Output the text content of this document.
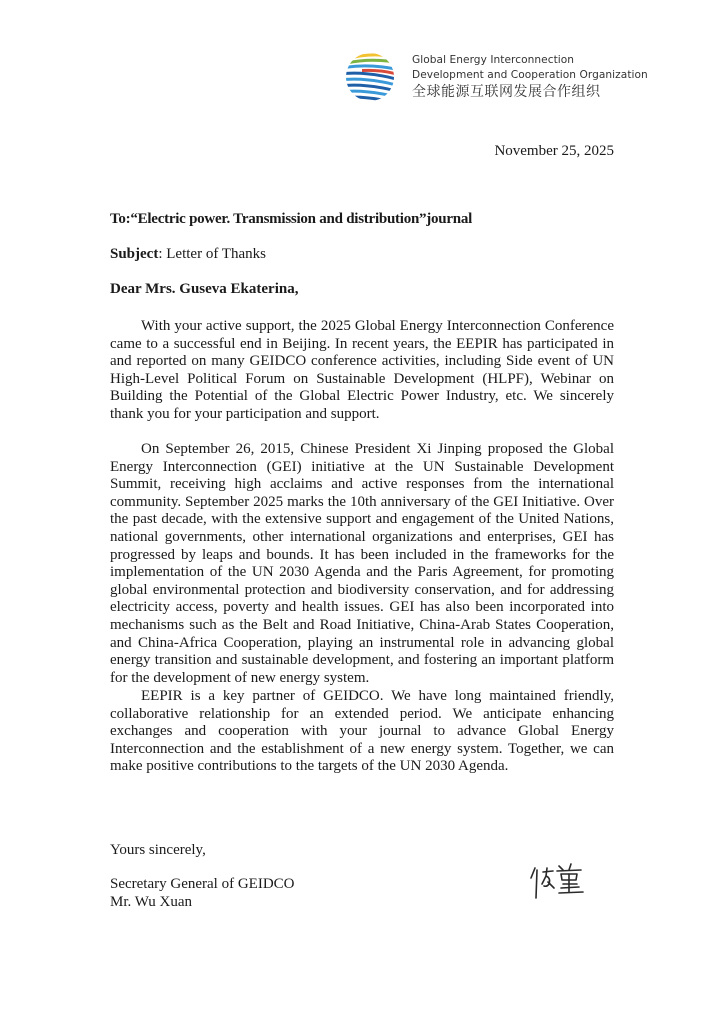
Global Energy Interconnection
Development and Cooperation Organization
全球能源互联网发展合作组织
November 25, 2025
To:“Electric power. Transmission and distribution”journal
Subject: Letter of Thanks
Dear Mrs. Guseva Ekaterina,

With your active support, the 2025 Global Energy Interconnection Conference came to a successful end in Beijing. In recent years, the EEPIR has participated in and reported on many GEIDCO conference activities, including Side event of UN High-Level Political Forum on Sustainable Development (HLPF), Webinar on Building the Potential of the Global Electric Power Industry, etc. We sincerely thank you for your participation and support.

On September 26, 2015, Chinese President Xi Jinping proposed the Global Energy Interconnection (GEI) initiative at the UN Sustainable Development Summit, receiving high acclaims and active responses from the international community. September 2025 marks the 10th anniversary of the GEI Initiative. Over the past decade, with the extensive support and engagement of the United Nations, national governments, other international organizations and enterprises, GEI has progressed by leaps and bounds. It has been included in the frameworks for the implementation of the UN 2030 Agenda and the Paris Agreement, for promoting global environmental protection and biodiversity conservation, and for addressing electricity access, poverty and health issues. GEI has also been incorporated into mechanisms such as the Belt and Road Initiative, China-Arab States Cooperation, and China-Africa Cooperation, playing an instrumental role in advancing global energy transition and sustainable development, and fostering an important platform for the development of new energy system.

EEPIR is a key partner of GEIDCO. We have long maintained friendly, collaborative relationship for an extended period. We anticipate enhancing exchanges and cooperation with your journal to advance Global Energy Interconnection and the establishment of a new energy system. Together, we can make positive contributions to the targets of the UN 2030 Agenda.

Yours sincerely,
Secretary General of GEIDCO
Mr. Wu Xuan
